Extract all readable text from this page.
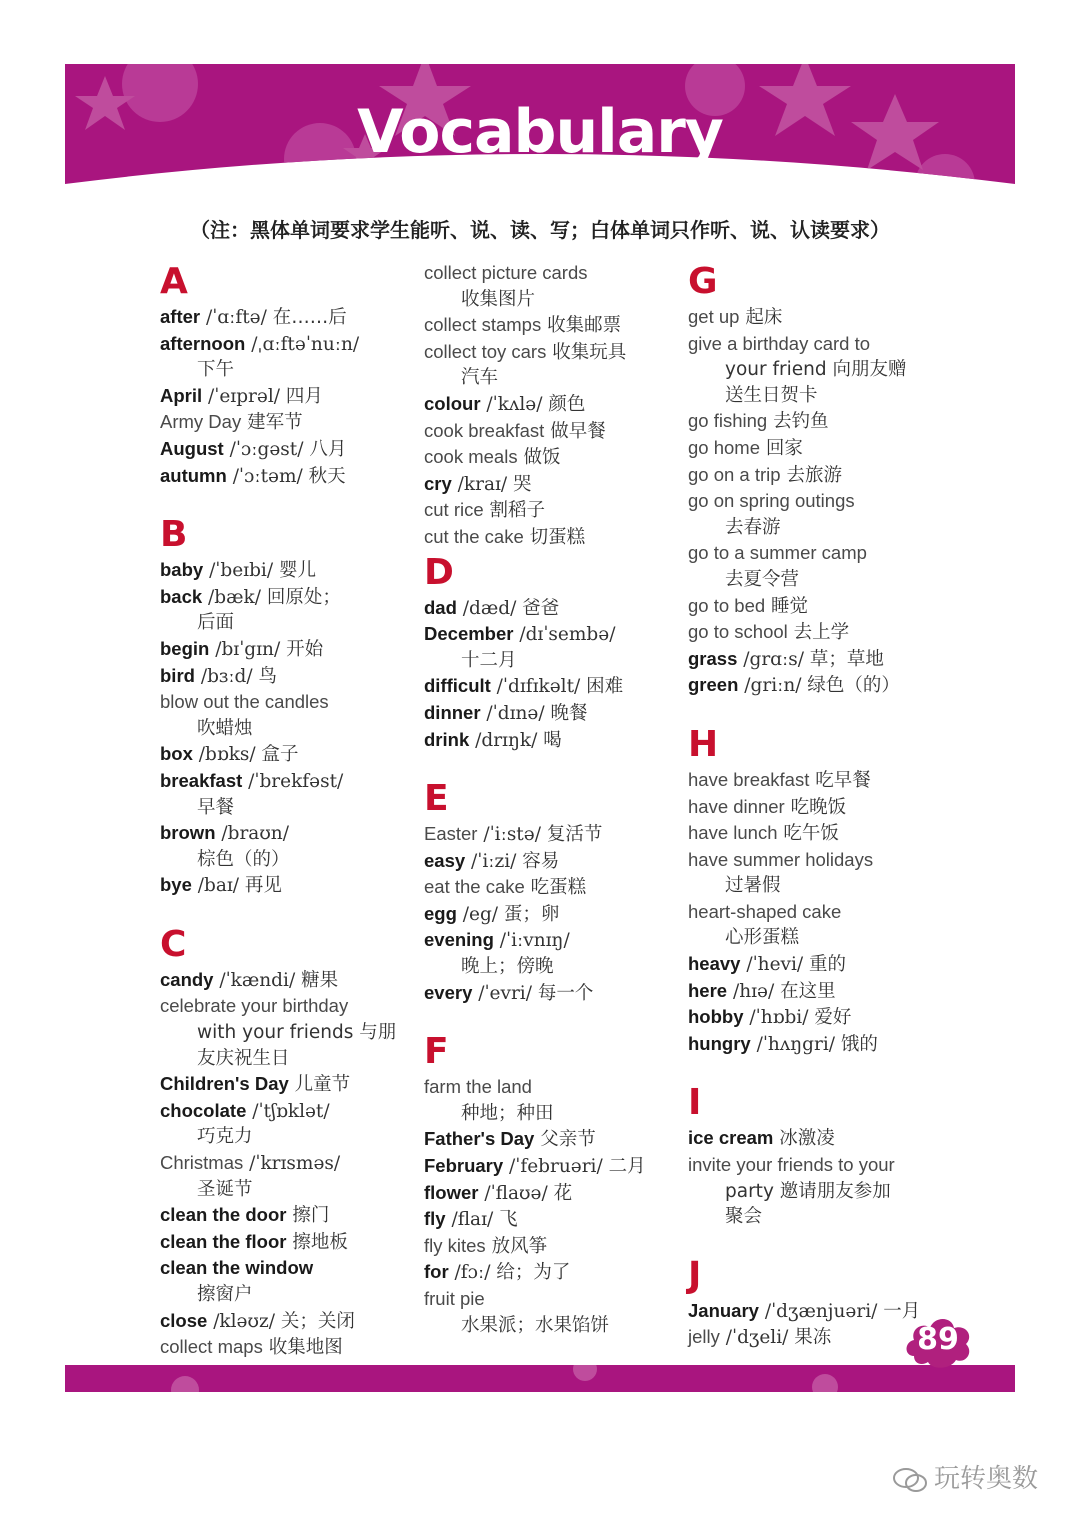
Vocabulary
词汇表
（注：黑体单词要求学生能听、说、读、写；白体单词只作听、说、认读要求）
A
after /ˈɑːftə/ 在……后
afternoon /ˌɑːftəˈnuːn/
下午
April /ˈeɪprəl/ 四月
Army Day 建军节
August /ˈɔːgəst/ 八月
autumn /ˈɔːtəm/ 秋天
B
baby /ˈbeɪbi/ 婴儿
back /bæk/ 回原处；
后面
begin /bɪˈgɪn/ 开始
bird /bɜːd/ 鸟
blow out the candles
吹蜡烛
box /bɒks/ 盒子
breakfast /ˈbrekfəst/
早餐
brown /braʊn/
棕色（的）
bye /baɪ/ 再见
C
candy /ˈkændi/ 糖果
celebrate your birthday
with your friends 与朋
友庆祝生日
Children's Day 儿童节
chocolate /ˈtʃɒklət/
巧克力
Christmas /ˈkrɪsməs/
圣诞节
clean the door 擦门
clean the floor 擦地板
clean the window
擦窗户
close /kləʊz/ 关；关闭
collect maps 收集地图
collect picture cards
收集图片
collect stamps 收集邮票
collect toy cars 收集玩具
汽车
colour /ˈkʌlə/ 颜色
cook breakfast 做早餐
cook meals 做饭
cry /kraɪ/ 哭
cut rice 割稻子
cut the cake 切蛋糕
D
dad /dæd/ 爸爸
December /dɪˈsembə/
十二月
difficult /ˈdɪfɪkəlt/ 困难
dinner /ˈdɪnə/ 晚餐
drink /drɪŋk/ 喝
E
Easter /ˈiːstə/ 复活节
easy /ˈiːzi/ 容易
eat the cake 吃蛋糕
egg /eg/ 蛋；卵
evening /ˈiːvnɪŋ/
晚上；傍晚
every /ˈevri/ 每一个
F
farm the land
种地；种田
Father's Day 父亲节
February /ˈfebruəri/ 二月
flower /ˈflaʊə/ 花
fly /flaɪ/ 飞
fly kites 放风筝
for /fɔː/ 给；为了
fruit pie
水果派；水果馅饼
G
get up 起床
give a birthday card to
your friend 向朋友赠
送生日贺卡
go fishing 去钓鱼
go home 回家
go on a trip 去旅游
go on spring outings
去春游
go to a summer camp
去夏令营
go to bed 睡觉
go to school 去上学
grass /grɑːs/ 草；草地
green /griːn/ 绿色（的）
H
have breakfast 吃早餐
have dinner 吃晚饭
have lunch 吃午饭
have summer holidays
过暑假
heart-shaped cake
心形蛋糕
heavy /ˈhevi/ 重的
here /hɪə/ 在这里
hobby /ˈhɒbi/ 爱好
hungry /ˈhʌŋgri/ 饿的
I
ice cream 冰激凌
invite your friends to your
party 邀请朋友参加
聚会
J
January /ˈdʒænjuəri/ 一月
jelly /ˈdʒeli/ 果冻	89
玩转奥数
